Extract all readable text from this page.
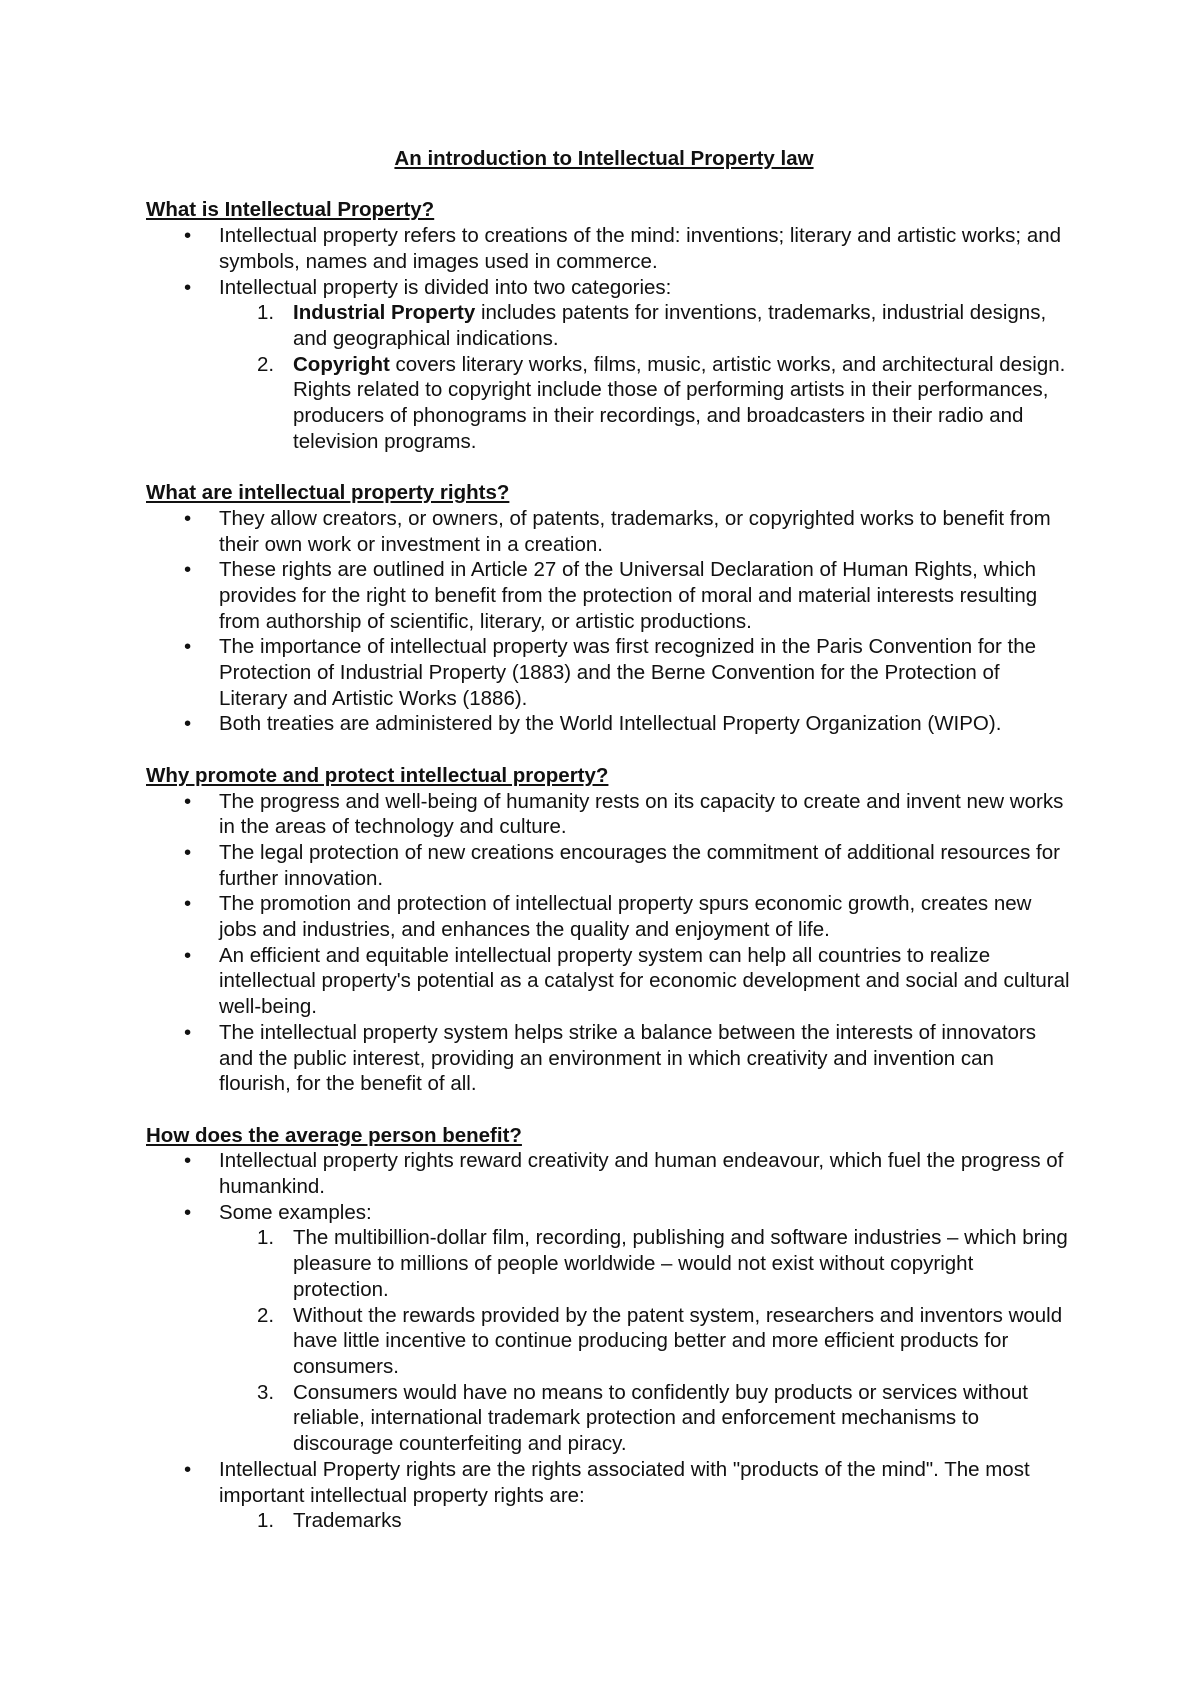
An introduction to Intellectual Property law
What is Intellectual Property?
• Intellectual property refers to creations of the mind: inventions; literary and artistic works; and symbols, names and images used in commerce.
• Intellectual property is divided into two categories:
1. Industrial Property includes patents for inventions, trademarks, industrial designs, and geographical indications.
2. Copyright covers literary works, films, music, artistic works, and architectural design. Rights related to copyright include those of performing artists in their performances, producers of phonograms in their recordings, and broadcasters in their radio and television programs.
What are intellectual property rights?
• They allow creators, or owners, of patents, trademarks, or copyrighted works to benefit from their own work or investment in a creation.
• These rights are outlined in Article 27 of the Universal Declaration of Human Rights, which provides for the right to benefit from the protection of moral and material interests resulting from authorship of scientific, literary, or artistic productions.
• The importance of intellectual property was first recognized in the Paris Convention for the Protection of Industrial Property (1883) and the Berne Convention for the Protection of Literary and Artistic Works (1886).
• Both treaties are administered by the World Intellectual Property Organization (WIPO).
Why promote and protect intellectual property?
• The progress and well-being of humanity rests on its capacity to create and invent new works in the areas of technology and culture.
• The legal protection of new creations encourages the commitment of additional resources for further innovation.
• The promotion and protection of intellectual property spurs economic growth, creates new jobs and industries, and enhances the quality and enjoyment of life.
• An efficient and equitable intellectual property system can help all countries to realize intellectual property's potential as a catalyst for economic development and social and cultural well-being.
• The intellectual property system helps strike a balance between the interests of innovators and the public interest, providing an environment in which creativity and invention can flourish, for the benefit of all.
How does the average person benefit?
• Intellectual property rights reward creativity and human endeavour, which fuel the progress of humankind.
• Some examples:
1. The multibillion-dollar film, recording, publishing and software industries – which bring pleasure to millions of people worldwide – would not exist without copyright protection.
2. Without the rewards provided by the patent system, researchers and inventors would have little incentive to continue producing better and more efficient products for consumers.
3. Consumers would have no means to confidently buy products or services without reliable, international trademark protection and enforcement mechanisms to discourage counterfeiting and piracy.
• Intellectual Property rights are the rights associated with "products of the mind". The most important intellectual property rights are:
1. Trademarks
